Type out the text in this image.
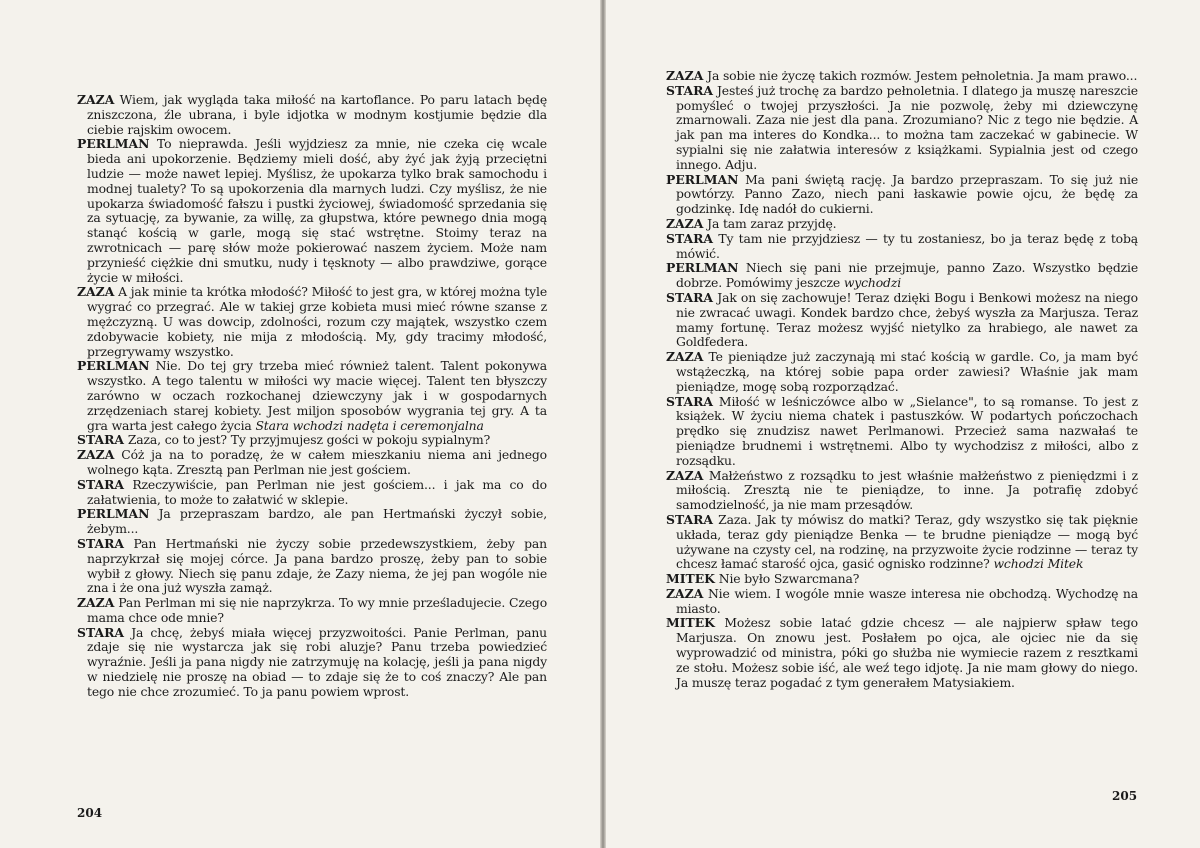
ZAZA Wiem, jak wygląda taka miłość na kartoflance. Po paru latach będę zniszczona, źle ubrana, i byle idjotka w modnym kostjumie będzie dla ciebie rajskim owocem.

PERLMAN To nieprawda. Jeśli wyjdziesz za mnie, nie czeka cię wcale bieda ani upokorzenie. Będziemy mieli dość, aby żyć jak żyją przeciętni ludzie — może nawet lepiej. Myślisz, że upokarza tylko brak samochodu i modnej tualety? To są upokorzenia dla marnych ludzi. Czy myślisz, że nie upokarza świadomość fałszu i pustki życiowej, świadomość sprzedania się za sytuację, za bywanie, za willę, za głupstwa, które pewnego dnia mogą stanąć kością w garle, mogą się stać wstrętne. Stoimy teraz na zwrotnicach — parę słów może pokierować naszem życiem. Może nam przynieść ciężkie dni smutku, nudy i tęsknoty — albo prawdziwe, gorące życie w miłości.

ZAZA A jak minie ta krótka młodość? Miłość to jest gra, w której można tyle wygrać co przegrać. Ale w takiej grze kobieta musi mieć równe szanse z mężczyzną. U was dowcip, zdolności, rozum czy majątek, wszystko czem zdobywacie kobiety, nie mija z młodością. My, gdy tracimy młodość, przegrywamy wszystko.

PERLMAN Nie. Do tej gry trzeba mieć również talent. Talent pokonywa wszystko. A tego talentu w miłości wy macie więcej. Talent ten błyszczy zarówno w oczach rozkochanej dziewczyny jak i w gospodarnych zrzędzeniach starej kobiety. Jest miljon sposobów wygrania tej gry. A ta gra warta jest całego życia Stara wchodzi nadęta i ceremonjalna

STARA Zaza, co to jest? Ty przyjmujesz gości w pokoju sypialnym?

ZAZA Cóż ja na to poradzę, że w całem mieszkaniu niema ani jednego wolnego kąta. Zresztą pan Perlman nie jest gościem.

STARA Rzeczywiście, pan Perlman nie jest gościem... i jak ma co do załatwienia, to może to załatwić w sklepie.

PERLMAN Ja przepraszam bardzo, ale pan Hertmański życzył sobie, żebym...

STARA Pan Hertmański nie życzy sobie przedewszystkiem, żeby pan naprzykrzał się mojej córce. Ja pana bardzo proszę, żeby pan to sobie wybił z głowy. Niech się panu zdaje, że Zazy niema, że jej pan wogóle nie zna i że ona już wyszła zamąż.

ZAZA Pan Perlman mi się nie naprzykrza. To wy mnie prześladujecie. Czego mama chce ode mnie?

STARA Ja chcę, żebyś miała więcej przyzwoitości. Panie Perlman, panu zdaje się nie wystarcza jak się robi aluzje? Panu trzeba powiedzieć wyraźnie. Jeśli ja pana nigdy nie zatrzymuję na kolację, jeśli ja pana nigdy w niedzielę nie proszę na obiad — to zdaje się że to coś znaczy? Ale pan tego nie chce zrozumieć. To ja panu powiem wprost.

204

ZAZA Ja sobie nie życzę takich rozmów. Jestem pełnoletnia. Ja mam prawo...

STARA Jesteś już trochę za bardzo pełnoletnia. I dlatego ja muszę nareszcie pomyśleć o twojej przyszłości. Ja nie pozwolę, żeby mi dziewczynę zmarnowali. Zaza nie jest dla pana. Zrozumiano? Nic z tego nie będzie. A jak pan ma interes do Kondka... to można tam zaczekać w gabinecie. W sypialni się nie załatwia interesów z książkami. Sypialnia jest od czego innego. Adju.

PERLMAN Ma pani świętą rację. Ja bardzo przepraszam. To się już nie powtórzy. Panno Zazo, niech pani łaskawie powie ojcu, że będę za godzinkę. Idę nadół do cukierni.

ZAZA Ja tam zaraz przyjdę.

STARA Ty tam nie przyjdziesz — ty tu zostaniesz, bo ja teraz będę z tobą mówić.

PERLMAN Niech się pani nie przejmuje, panno Zazo. Wszystko będzie dobrze. Pomówimy jeszcze wychodzi

STARA Jak on się zachowuje! Teraz dzięki Bogu i Benkowi możesz na niego nie zwracać uwagi. Kondek bardzo chce, żebyś wyszła za Marjusza. Teraz mamy fortunę. Teraz możesz wyjść nietylko za hrabiego, ale nawet za Goldfedera.

ZAZA Te pieniądze już zaczynają mi stać kością w gardle. Co, ja mam być wstążeczką, na której sobie papa order zawiesi? Właśnie jak mam pieniądze, mogę sobą rozporządzać.

STARA Miłość w leśniczówce albo w „Sielance", to są romanse. To jest z książek. W życiu niema chatek i pastuszków. W podartych pończochach prędko się znudzisz nawet Perlmanowi. Przecież sama nazwałaś te pieniądze brudnemi i wstrętnemi. Albo ty wychodzisz z miłości, albo z rozsądku.

ZAZA Małżeństwo z rozsądku to jest właśnie małżeństwo z pieniędzmi i z miłością. Zresztą nie te pieniądze, to inne. Ja potrafię zdobyć samodzielność, ja nie mam przesądów.

STARA Zaza. Jak ty mówisz do matki? Teraz, gdy wszystko się tak pięknie układa, teraz gdy pieniądze Benka — te brudne pieniądze — mogą być używane na czysty cel, na rodzinę, na przyzwoite życie rodzinne — teraz ty chcesz łamać starość ojca, gasić ognisko rodzinne? wchodzi Mitek

MITEK Nie było Szwarcmana?

ZAZA Nie wiem. I wogóle mnie wasze interesa nie obchodzą. Wychodzę na miasto.

MITEK Możesz sobie latać gdzie chcesz — ale najpierw spław tego Marjusza. On znowu jest. Posłałem po ojca, ale ojciec nie da się wyprowadzić od ministra, póki go służba nie wymiecie razem z resztkami ze stołu. Możesz sobie iść, ale weź tego idjotę. Ja nie mam głowy do niego. Ja muszę teraz pogadać z tym generałem Matysiakiem.

205
